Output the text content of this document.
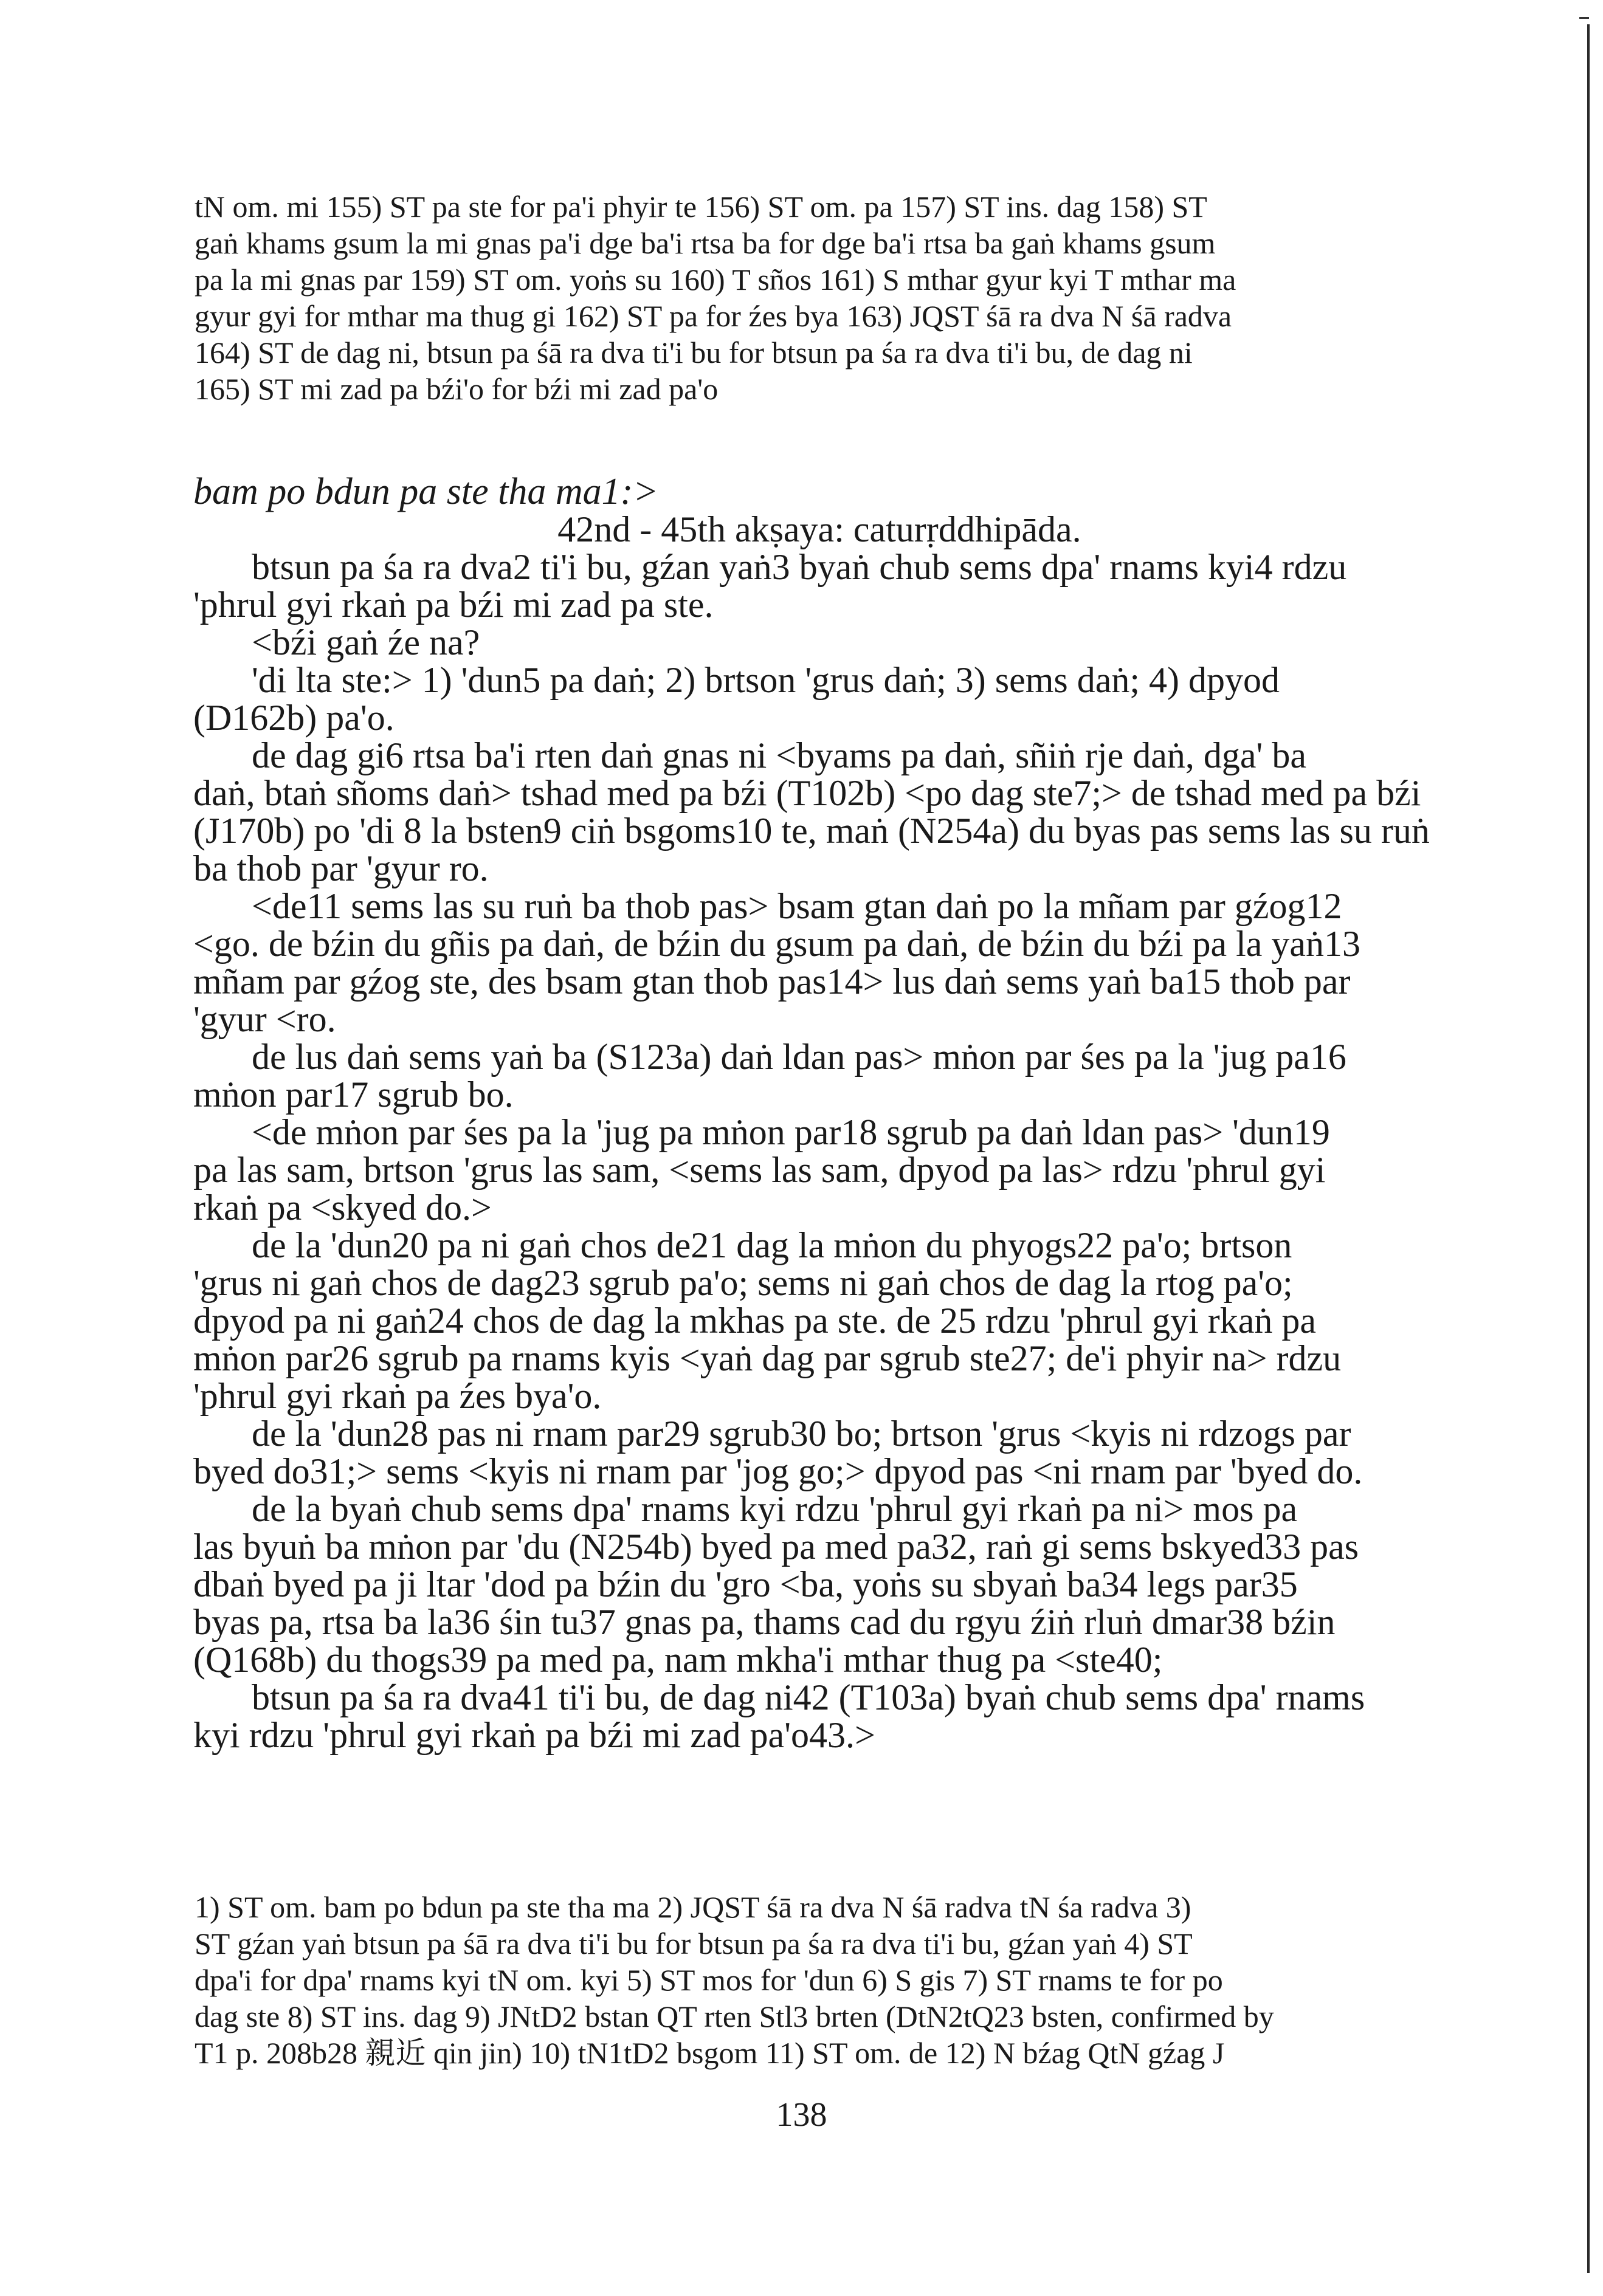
tN om. mi 155) ST pa ste for pa'i phyir te 156) ST om. pa 157) ST ins. dag 158) ST

gaṅ khams gsum la mi gnas pa'i dge ba'i rtsa ba for dge ba'i rtsa ba gaṅ khams gsum

pa la mi gnas par 159) ST om. yoṅs su 160) T sños 161) S mthar gyur kyi T mthar ma

gyur gyi for mthar ma thug gi 162) ST pa for źes bya 163) JQST śā ra dva N śā radva

164) ST de dag ni, btsun pa śā ra dva ti'i bu for btsun pa śa ra dva ti'i bu, de dag ni

165) ST mi zad pa bźi'o for bźi mi zad pa'o

bam po bdun pa ste tha ma1:>

42nd - 45th akṣaya: caturṛddhipāda.

btsun pa śa ra dva2 ti'i bu, gźan yaṅ3 byaṅ chub sems dpa' rnams kyi4 rdzu

'phrul gyi rkaṅ pa bźi mi zad pa ste.

<bźi gaṅ źe na?

'di lta ste:> 1) 'dun5 pa daṅ; 2) brtson 'grus daṅ; 3) sems daṅ; 4) dpyod

(D162b) pa'o.

de dag gi6 rtsa ba'i rten daṅ gnas ni <byams pa daṅ, sñiṅ rje daṅ, dga' ba

daṅ, btaṅ sñoms daṅ> tshad med pa bźi (T102b) <po dag ste7;> de tshad med pa bźi

(J170b) po 'di 8 la bsten9 ciṅ bsgoms10 te, maṅ (N254a) du byas pas sems las su ruṅ

ba thob par 'gyur ro.

<de11 sems las su ruṅ ba thob pas> bsam gtan daṅ po la mñam par gźog12

<go. de bźin du gñis pa daṅ, de bźin du gsum pa daṅ, de bźin du bźi pa la yaṅ13

mñam par gźog ste, des bsam gtan thob pas14> lus daṅ sems yaṅ ba15 thob par

'gyur <ro.

de lus daṅ sems yaṅ ba (S123a) daṅ ldan pas> mṅon par śes pa la 'jug pa16

mṅon par17 sgrub bo.

<de mṅon par śes pa la 'jug pa mṅon par18 sgrub pa daṅ ldan pas> 'dun19

pa las sam, brtson 'grus las sam, <sems las sam, dpyod pa las> rdzu 'phrul gyi

rkaṅ pa <skyed do.>

de la 'dun20 pa ni gaṅ chos de21 dag la mṅon du phyogs22 pa'o; brtson

'grus ni gaṅ chos de dag23 sgrub pa'o; sems ni gaṅ chos de dag la rtog pa'o;

dpyod pa ni gaṅ24 chos de dag la mkhas pa ste. de 25 rdzu 'phrul gyi rkaṅ pa

mṅon par26 sgrub pa rnams kyis <yaṅ dag par sgrub ste27; de'i phyir na> rdzu

'phrul gyi rkaṅ pa źes bya'o.

de la 'dun28 pas ni rnam par29 sgrub30 bo; brtson 'grus <kyis ni rdzogs par

byed do31;> sems <kyis ni rnam par 'jog go;> dpyod pas <ni rnam par 'byed do.

de la byaṅ chub sems dpa' rnams kyi rdzu 'phrul gyi rkaṅ pa ni> mos pa

las byuṅ ba mṅon par 'du (N254b) byed pa med pa32, raṅ gi sems bskyed33 pas

dbaṅ byed pa ji ltar 'dod pa bźin du 'gro <ba, yoṅs su sbyaṅ ba34 legs par35

byas pa, rtsa ba la36 śin tu37 gnas pa, thams cad du rgyu źiṅ rluṅ dmar38 bźin

(Q168b) du thogs39 pa med pa, nam mkha'i mthar thug pa <ste40;

btsun pa śa ra dva41 ti'i bu, de dag ni42 (T103a) byaṅ chub sems dpa' rnams

kyi rdzu 'phrul gyi rkaṅ pa bźi mi zad pa'o43.>

1) ST om. bam po bdun pa ste tha ma 2) JQST śā ra dva N śā radva tN śa radva 3)

ST gźan yaṅ btsun pa śā ra dva ti'i bu for btsun pa śa ra dva ti'i bu, gźan yaṅ 4) ST

dpa'i for dpa' rnams kyi tN om. kyi 5) ST mos for 'dun 6) S gis 7) ST rnams te for po

dag ste 8) ST ins. dag 9) JNtD2 bstan QT rten Stl3 brten (DtN2tQ23 bsten, confirmed by

T1 p. 208b28 親近 qin jin) 10) tN1tD2 bsgom 11) ST om. de 12) N bźag QtN gźag J

138
